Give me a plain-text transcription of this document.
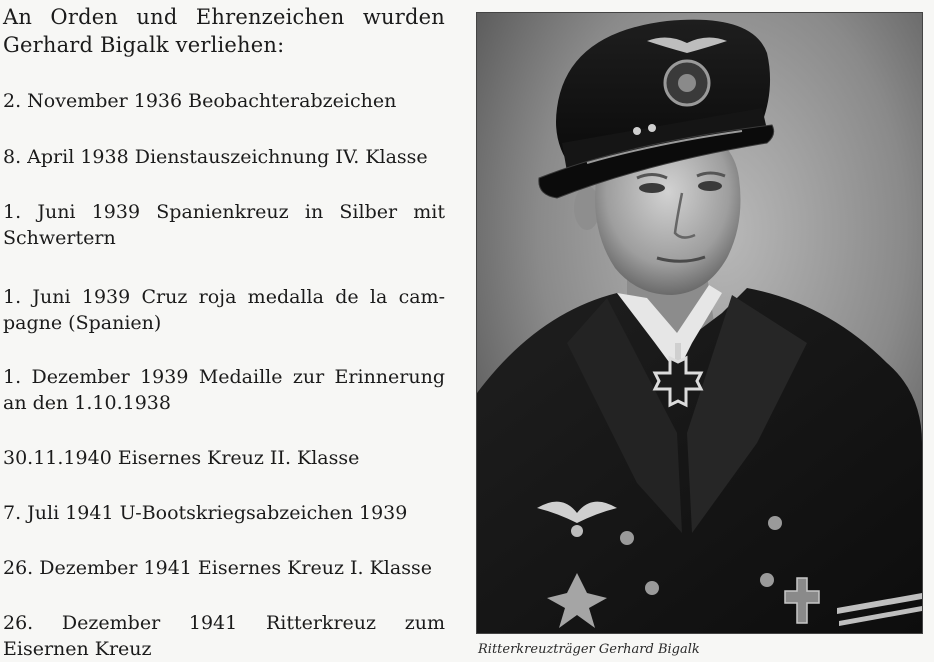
An Orden und Ehrenzeichen wurden Gerhard Bigalk verliehen:

2. November 1936 Beobachterabzeichen

8. April 1938 Dienstauszeichnung IV. Klasse

1. Juni 1939 Spanienkreuz in Silber mit Schwertern

1. Juni 1939 Cruz roja medalla de la cam-pagne (Spanien)

1. Dezember 1939 Medaille zur Erinnerung an den 1.10.1938

30.11.1940 Eisernes Kreuz II. Klasse

7. Juli 1941 U-Bootskriegsabzeichen 1939

26. Dezember 1941 Eisernes Kreuz I. Klasse

26. Dezember 1941 Ritterkreuz zum Eisernen Kreuz	Ritterkreuzträger Gerhard Bigalk
